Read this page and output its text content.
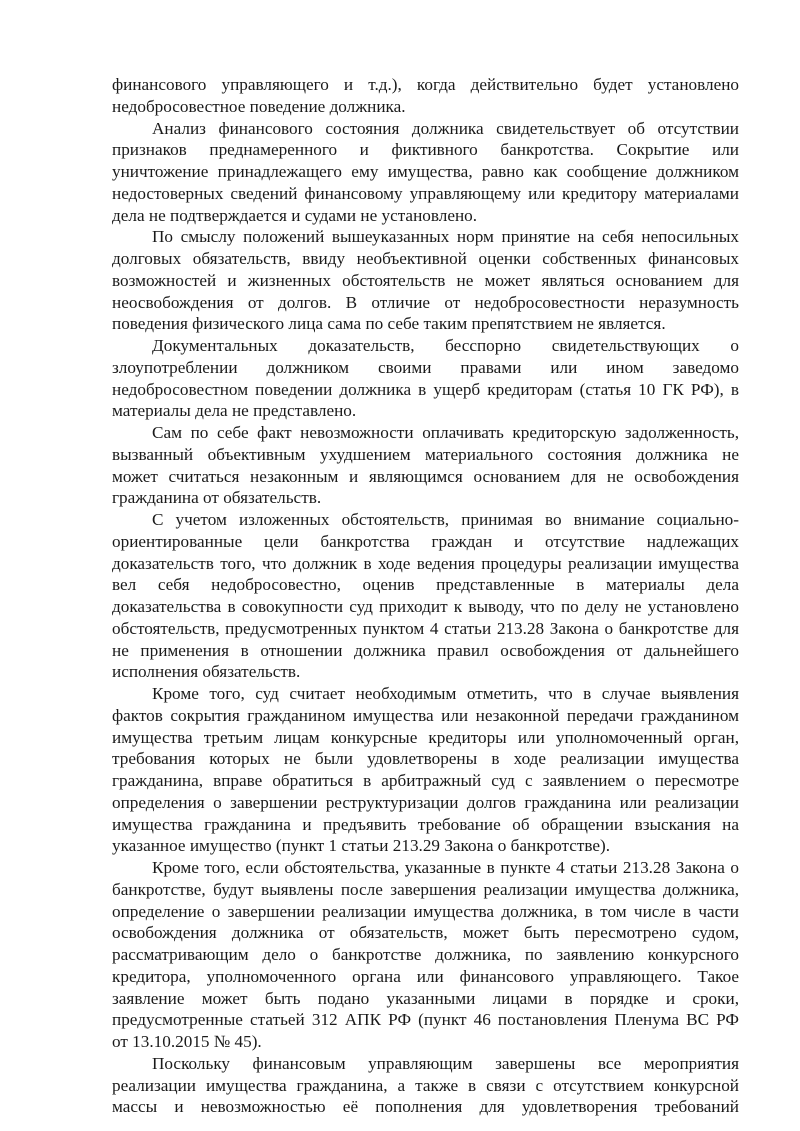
финансового управляющего и т.д.), когда действительно будет установлено
недобросовестное поведение должника.
Анализ финансового состояния должника свидетельствует об отсутствии
признаков преднамеренного и фиктивного банкротства. Сокрытие или
уничтожение принадлежащего ему имущества, равно как сообщение должником
недостоверных сведений финансовому управляющему или кредитору материалами
дела не подтверждается и судами не установлено.
По смыслу положений вышеуказанных норм принятие на себя непосильных
долговых обязательств, ввиду необъективной оценки собственных финансовых
возможностей и жизненных обстоятельств не может являться основанием для
неосвобождения от долгов. В отличие от недобросовестности неразумность
поведения физического лица сама по себе таким препятствием не является.
Документальных доказательств, бесспорно свидетельствующих о
злоупотреблении должником своими правами или ином заведомо
недобросовестном поведении должника в ущерб кредиторам (статья 10 ГК РФ), в
материалы дела не представлено.
Сам по себе факт невозможности оплачивать кредиторскую задолженность,
вызванный объективным ухудшением материального состояния должника не
может считаться незаконным и являющимся основанием для не освобождения
гражданина от обязательств.
С учетом изложенных обстоятельств, принимая во внимание социально-
ориентированные цели банкротства граждан и отсутствие надлежащих
доказательств того, что должник в ходе ведения процедуры реализации имущества
вел себя недобросовестно, оценив представленные в материалы дела
доказательства в совокупности суд приходит к выводу, что по делу не установлено
обстоятельств, предусмотренных пунктом 4 статьи 213.28 Закона о банкротстве для
не применения в отношении должника правил освобождения от дальнейшего
исполнения обязательств.
Кроме того, суд считает необходимым отметить, что в случае выявления
фактов сокрытия гражданином имущества или незаконной передачи гражданином
имущества третьим лицам конкурсные кредиторы или уполномоченный орган,
требования которых не были удовлетворены в ходе реализации имущества
гражданина, вправе обратиться в арбитражный суд с заявлением о пересмотре
определения о завершении реструктуризации долгов гражданина или реализации
имущества гражданина и предъявить требование об обращении взыскания на
указанное имущество (пункт 1 статьи 213.29 Закона о банкротстве).
Кроме того, если обстоятельства, указанные в пункте 4 статьи 213.28 Закона о
банкротстве, будут выявлены после завершения реализации имущества должника,
определение о завершении реализации имущества должника, в том числе в части
освобождения должника от обязательств, может быть пересмотрено судом,
рассматривающим дело о банкротстве должника, по заявлению конкурсного
кредитора, уполномоченного органа или финансового управляющего. Такое
заявление может быть подано указанными лицами в порядке и сроки,
предусмотренные статьей 312 АПК РФ (пункт 46 постановления Пленума ВС РФ
от 13.10.2015 № 45).
Поскольку финансовым управляющим завершены все мероприятия
реализации имущества гражданина, а также в связи с отсутствием конкурсной
массы и невозможностью её пополнения для удовлетворения требований
